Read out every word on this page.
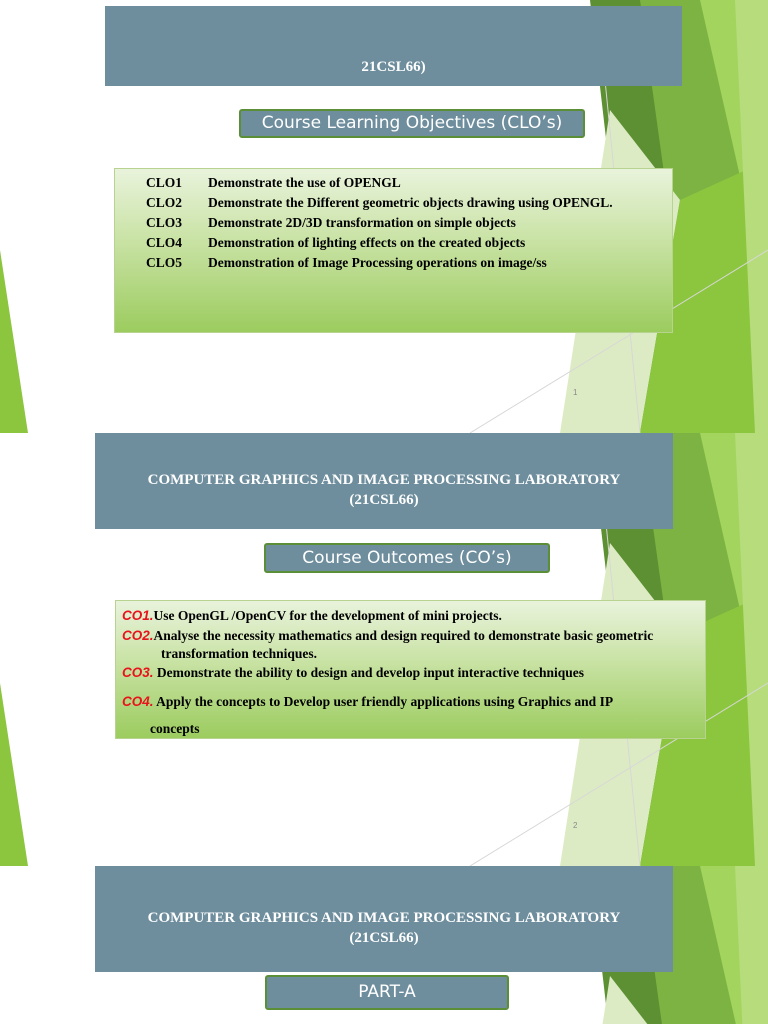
21CSL66)
Course Learning Objectives (CLO’s)
CLO1 Demonstrate the use of OPENGL
CLO2 Demonstrate the Different geometric objects drawing using OPENGL.
CLO3 Demonstrate 2D/3D transformation on simple objects
CLO4 Demonstration of lighting effects on the created objects
CLO5 Demonstration of Image Processing operations on image/ss
1
COMPUTER GRAPHICS AND IMAGE PROCESSING LABORATORY
(21CSL66)
Course Outcomes (CO’s)
CO1.Use OpenGL /OpenCV for the development of mini projects.
CO2.Analyse the necessity mathematics and design required to demonstrate basic geometric
transformation techniques.
CO3. Demonstrate the ability to design and develop input interactive techniques
CO4. Apply the concepts to Develop user friendly applications using Graphics and IP
concepts
2
COMPUTER GRAPHICS AND IMAGE PROCESSING LABORATORY
(21CSL66)
PART-A
